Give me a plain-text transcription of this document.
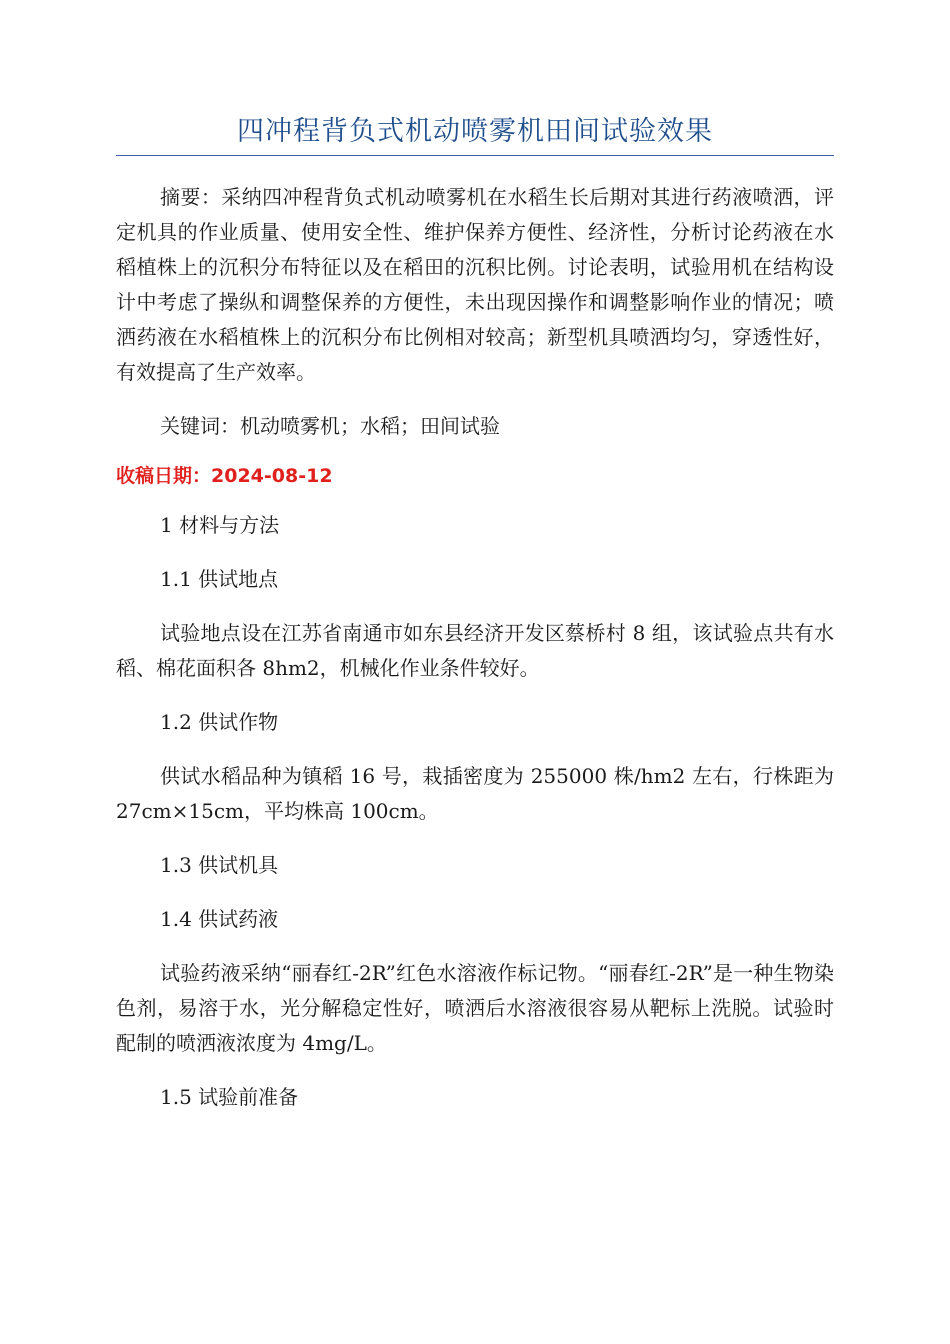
四冲程背负式机动喷雾机田间试验效果

摘要：采纳四冲程背负式机动喷雾机在水稻生长后期对其进行药液喷洒，评定机具的作业质量、使用安全性、维护保养方便性、经济性，分析讨论药液在水稻植株上的沉积分布特征以及在稻田的沉积比例。讨论表明，试验用机在结构设计中考虑了操纵和调整保养的方便性，未出现因操作和调整影响作业的情况；喷洒药液在水稻植株上的沉积分布比例相对较高；新型机具喷洒均匀，穿透性好，有效提高了生产效率。

关键词：机动喷雾机；水稻；田间试验

收稿日期：2024-08-12

1 材料与方法

1.1 供试地点

试验地点设在江苏省南通市如东县经济开发区蔡桥村 8 组，该试验点共有水稻、棉花面积各 8hm2，机械化作业条件较好。

1.2 供试作物

供试水稻品种为镇稻 16 号，栽插密度为 255000 株/hm2 左右，行株距为 27cm×15cm，平均株高 100cm。

1.3 供试机具

1.4 供试药液

试验药液采纳“丽春红-2R”红色水溶液作标记物。“丽春红-2R”是一种生物染色剂，易溶于水，光分解稳定性好，喷洒后水溶液很容易从靶标上洗脱。试验时配制的喷洒液浓度为 4mg/L。

1.5 试验前准备
